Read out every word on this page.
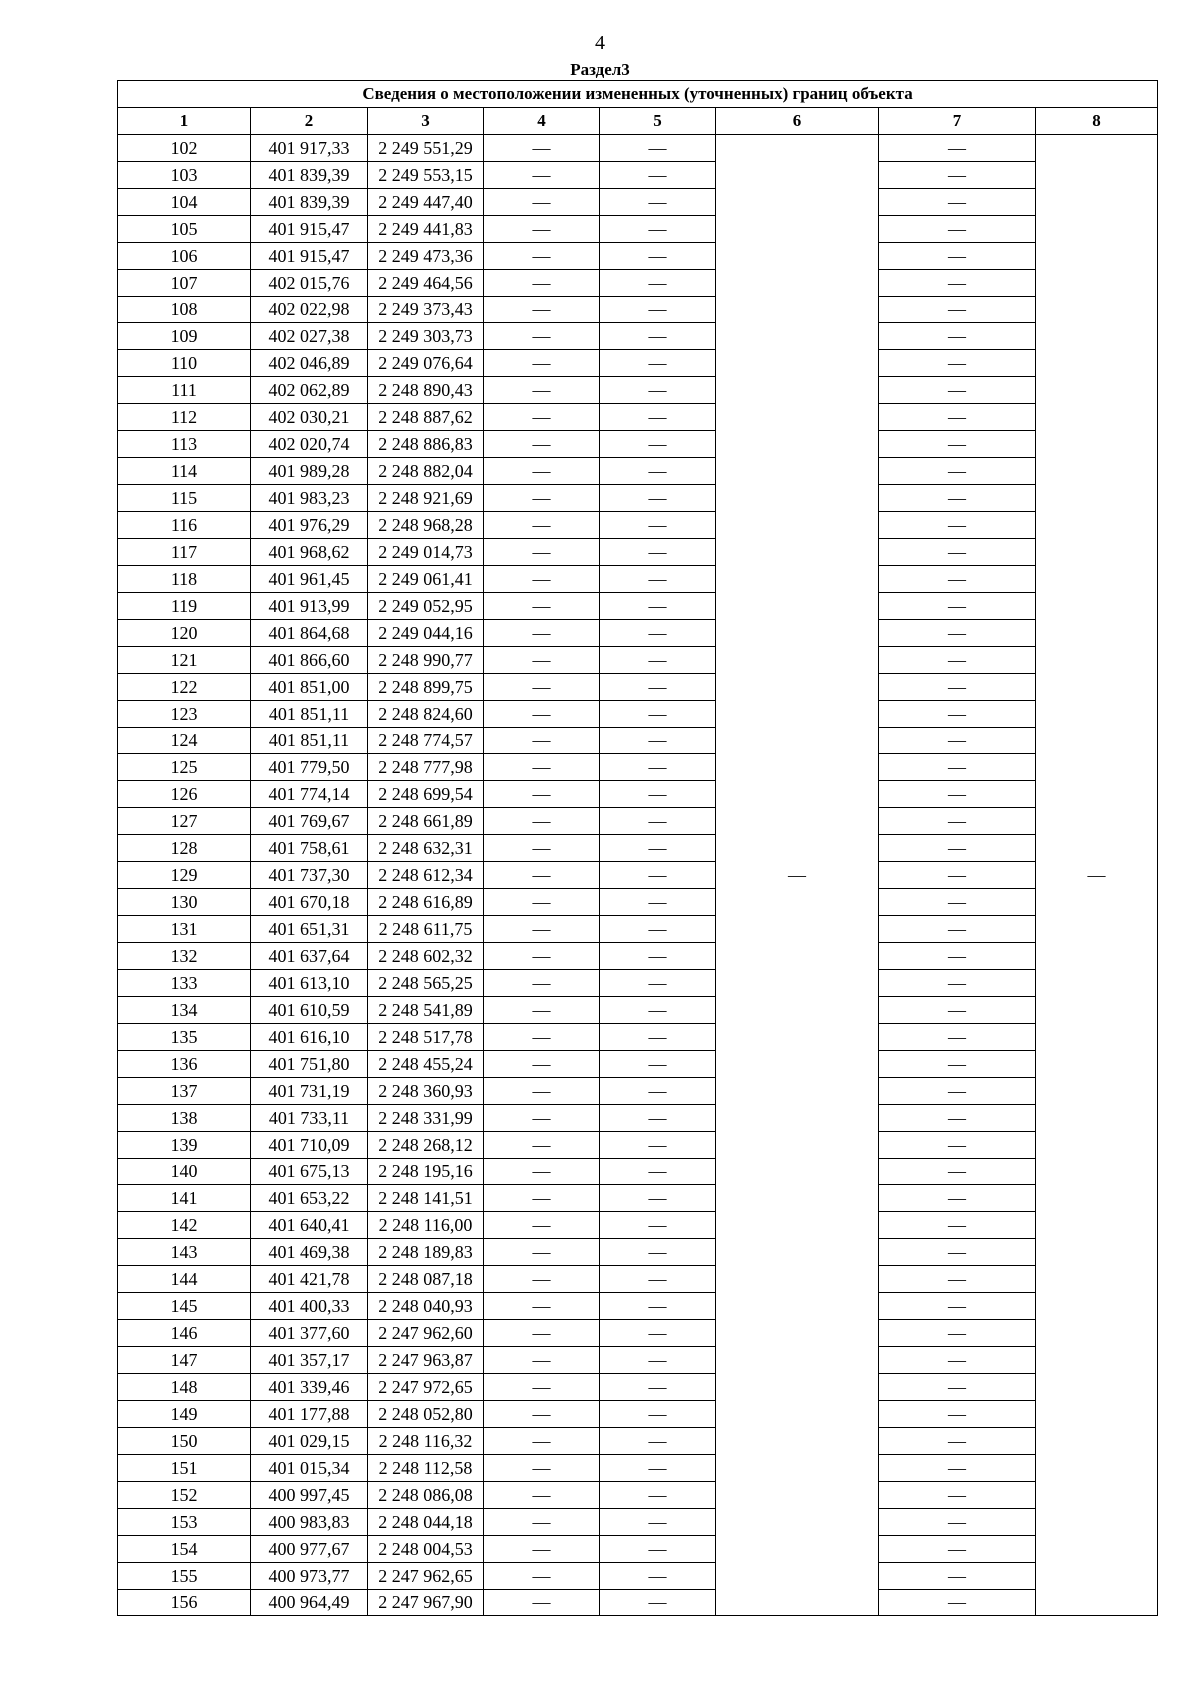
4
Раздел3
Сведения о местоположении измененных (уточненных) границ объекта							
1	2	3	4	5	6	7	8
102	401 917,33	2 249 551,29	—	—	—	—	—
103	401 839,39	2 249 553,15	—	—		—	
104	401 839,39	2 249 447,40	—	—		—	
105	401 915,47	2 249 441,83	—	—		—	
106	401 915,47	2 249 473,36	—	—		—	
107	402 015,76	2 249 464,56	—	—		—	
108	402 022,98	2 249 373,43	—	—		—	
109	402 027,38	2 249 303,73	—	—		—	
110	402 046,89	2 249 076,64	—	—		—	
111	402 062,89	2 248 890,43	—	—		—	
112	402 030,21	2 248 887,62	—	—		—	
113	402 020,74	2 248 886,83	—	—		—	
114	401 989,28	2 248 882,04	—	—		—	
115	401 983,23	2 248 921,69	—	—		—	
116	401 976,29	2 248 968,28	—	—		—	
117	401 968,62	2 249 014,73	—	—		—	
118	401 961,45	2 249 061,41	—	—		—	
119	401 913,99	2 249 052,95	—	—		—	
120	401 864,68	2 249 044,16	—	—		—	
121	401 866,60	2 248 990,77	—	—		—	
122	401 851,00	2 248 899,75	—	—		—	
123	401 851,11	2 248 824,60	—	—		—	
124	401 851,11	2 248 774,57	—	—		—	
125	401 779,50	2 248 777,98	—	—		—	
126	401 774,14	2 248 699,54	—	—		—	
127	401 769,67	2 248 661,89	—	—		—	
128	401 758,61	2 248 632,31	—	—		—	
129	401 737,30	2 248 612,34	—	—		—	
130	401 670,18	2 248 616,89	—	—		—	
131	401 651,31	2 248 611,75	—	—		—	
132	401 637,64	2 248 602,32	—	—		—	
133	401 613,10	2 248 565,25	—	—		—	
134	401 610,59	2 248 541,89	—	—		—	
135	401 616,10	2 248 517,78	—	—		—	
136	401 751,80	2 248 455,24	—	—		—	
137	401 731,19	2 248 360,93	—	—		—	
138	401 733,11	2 248 331,99	—	—		—	
139	401 710,09	2 248 268,12	—	—		—	
140	401 675,13	2 248 195,16	—	—		—	
141	401 653,22	2 248 141,51	—	—		—	
142	401 640,41	2 248 116,00	—	—		—	
143	401 469,38	2 248 189,83	—	—		—	
144	401 421,78	2 248 087,18	—	—		—	
145	401 400,33	2 248 040,93	—	—		—	
146	401 377,60	2 247 962,60	—	—		—	
147	401 357,17	2 247 963,87	—	—		—	
148	401 339,46	2 247 972,65	—	—		—	
149	401 177,88	2 248 052,80	—	—		—	
150	401 029,15	2 248 116,32	—	—		—	
151	401 015,34	2 248 112,58	—	—		—	
152	400 997,45	2 248 086,08	—	—		—	
153	400 983,83	2 248 044,18	—	—		—	
154	400 977,67	2 248 004,53	—	—		—	
155	400 973,77	2 247 962,65	—	—		—	
156	400 964,49	2 247 967,90	—	—		—	
